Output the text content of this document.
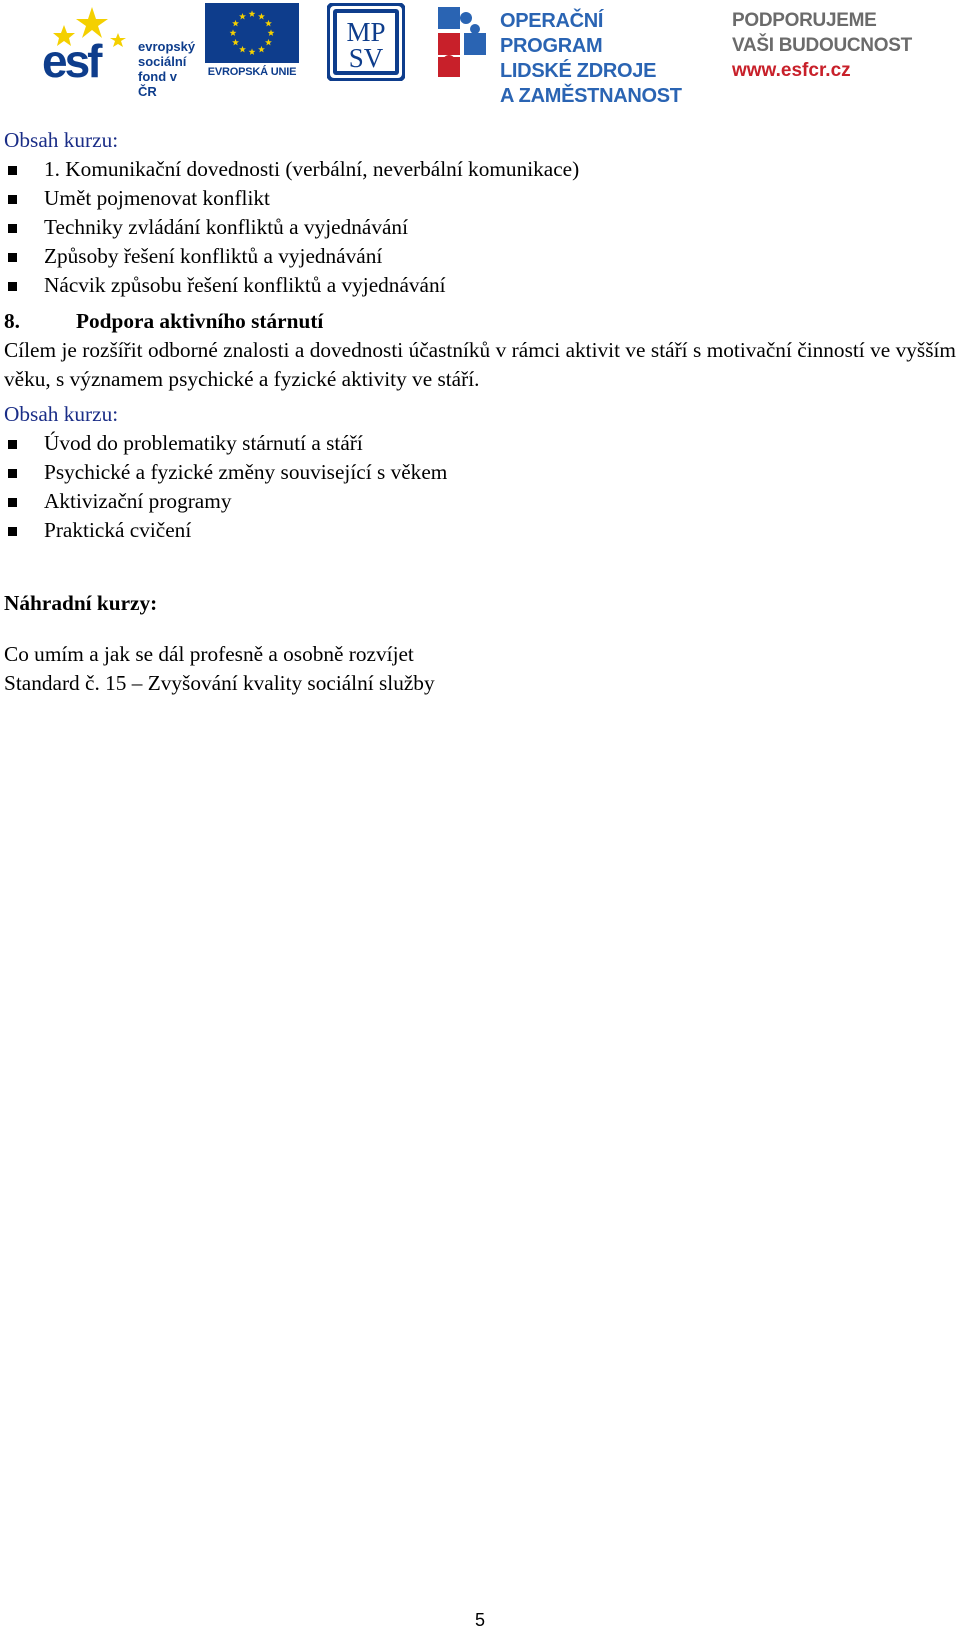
esf	evropský
sociální
fond v ČR
EVROPSKÁ UNIE
MP
SV
OPERAČNÍ PROGRAM
LIDSKÉ ZDROJE
A ZAMĚSTNANOST
PODPORUJEME
VAŠI BUDOUCNOST
www.esfcr.cz
Obsah kurzu:
1. Komunikační dovednosti (verbální, neverbální komunikace)
Umět pojmenovat konflikt
Techniky zvládání konfliktů a vyjednávání
Způsoby řešení konfliktů a vyjednávání
Nácvik způsobu řešení konfliktů a vyjednávání
8.	Podpora aktivního stárnutí
Cílem je rozšířit odborné znalosti a dovednosti účastníků v rámci aktivit ve stáří s motivační činností ve vyšším věku, s významem psychické a fyzické aktivity ve stáří.
Obsah kurzu:
Úvod do problematiky stárnutí a stáří
Psychické a fyzické změny související s věkem
Aktivizační programy
Praktická cvičení
Náhradní kurzy:
Co umím a jak se dál profesně a osobně rozvíjet
Standard č. 15 – Zvyšování kvality sociální služby
5
